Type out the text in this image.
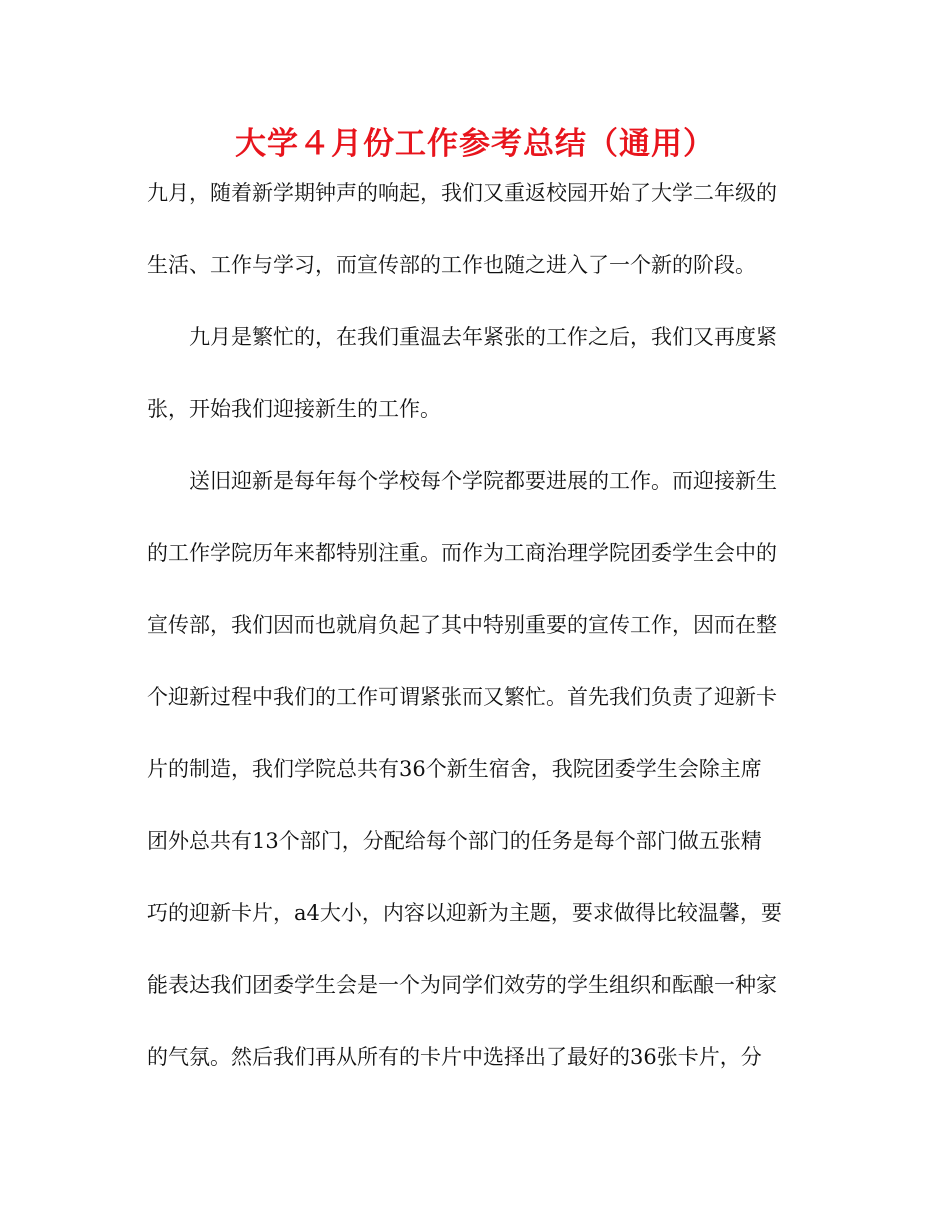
大学４月份工作参考总结（通用）
九月，随着新学期钟声的响起，我们又重返校园开始了大学二年级的
生活、工作与学习，而宣传部的工作也随之进入了一个新的阶段。
九月是繁忙的，在我们重温去年紧张的工作之后，我们又再度紧
张，开始我们迎接新生的工作。
送旧迎新是每年每个学校每个学院都要进展的工作。而迎接新生
的工作学院历年来都特别注重。而作为工商治理学院团委学生会中的
宣传部，我们因而也就肩负起了其中特别重要的宣传工作，因而在整
个迎新过程中我们的工作可谓紧张而又繁忙。首先我们负责了迎新卡
片的制造，我们学院总共有36个新生宿舍，我院团委学生会除主席
团外总共有13个部门，分配给每个部门的任务是每个部门做五张精
巧的迎新卡片，a4大小，内容以迎新为主题，要求做得比较温馨，要
能表达我们团委学生会是一个为同学们效劳的学生组织和酝酿一种家
的气氛。然后我们再从所有的卡片中选择出了最好的36张卡片，分
